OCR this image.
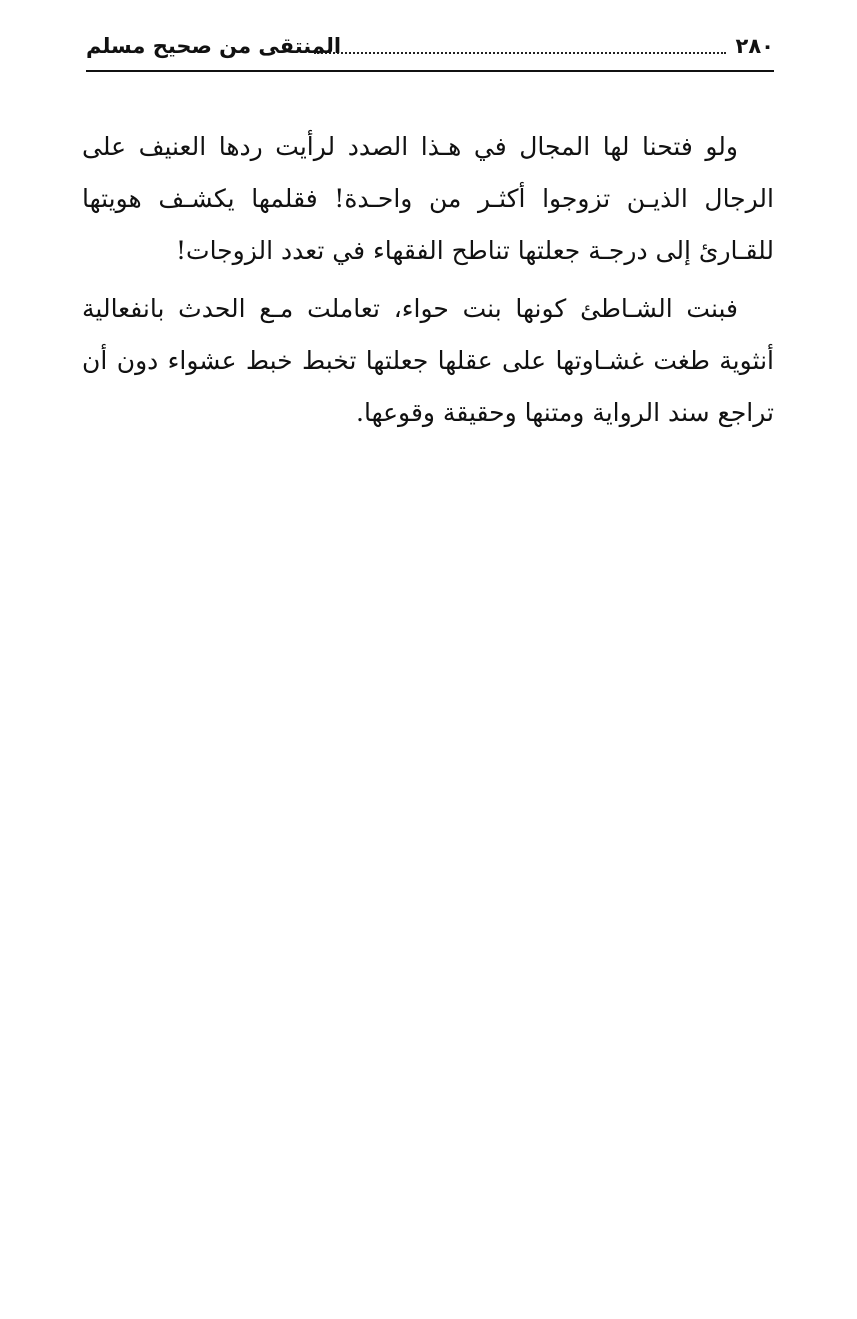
٢٨٠
المنتقى من صحيح مسلم

ولو فتحنا لها المجال في هـذا الصدد لرأيت ردها العنيف على الرجال الذيـن تزوجوا أكثـر من واحـدة! فقلمها يكشـف هويتها للقـارئ إلى درجـة جعلتها تناطح الفقهاء في تعدد الزوجات!

فبنت الشـاطئ كونها بنت حواء، تعاملت مـع الحدث بانفعالية أنثوية طغت غشـاوتها على عقلها جعلتها تخبط خبط عشواء دون أن تراجع سند الرواية ومتنها وحقيقة وقوعها.
